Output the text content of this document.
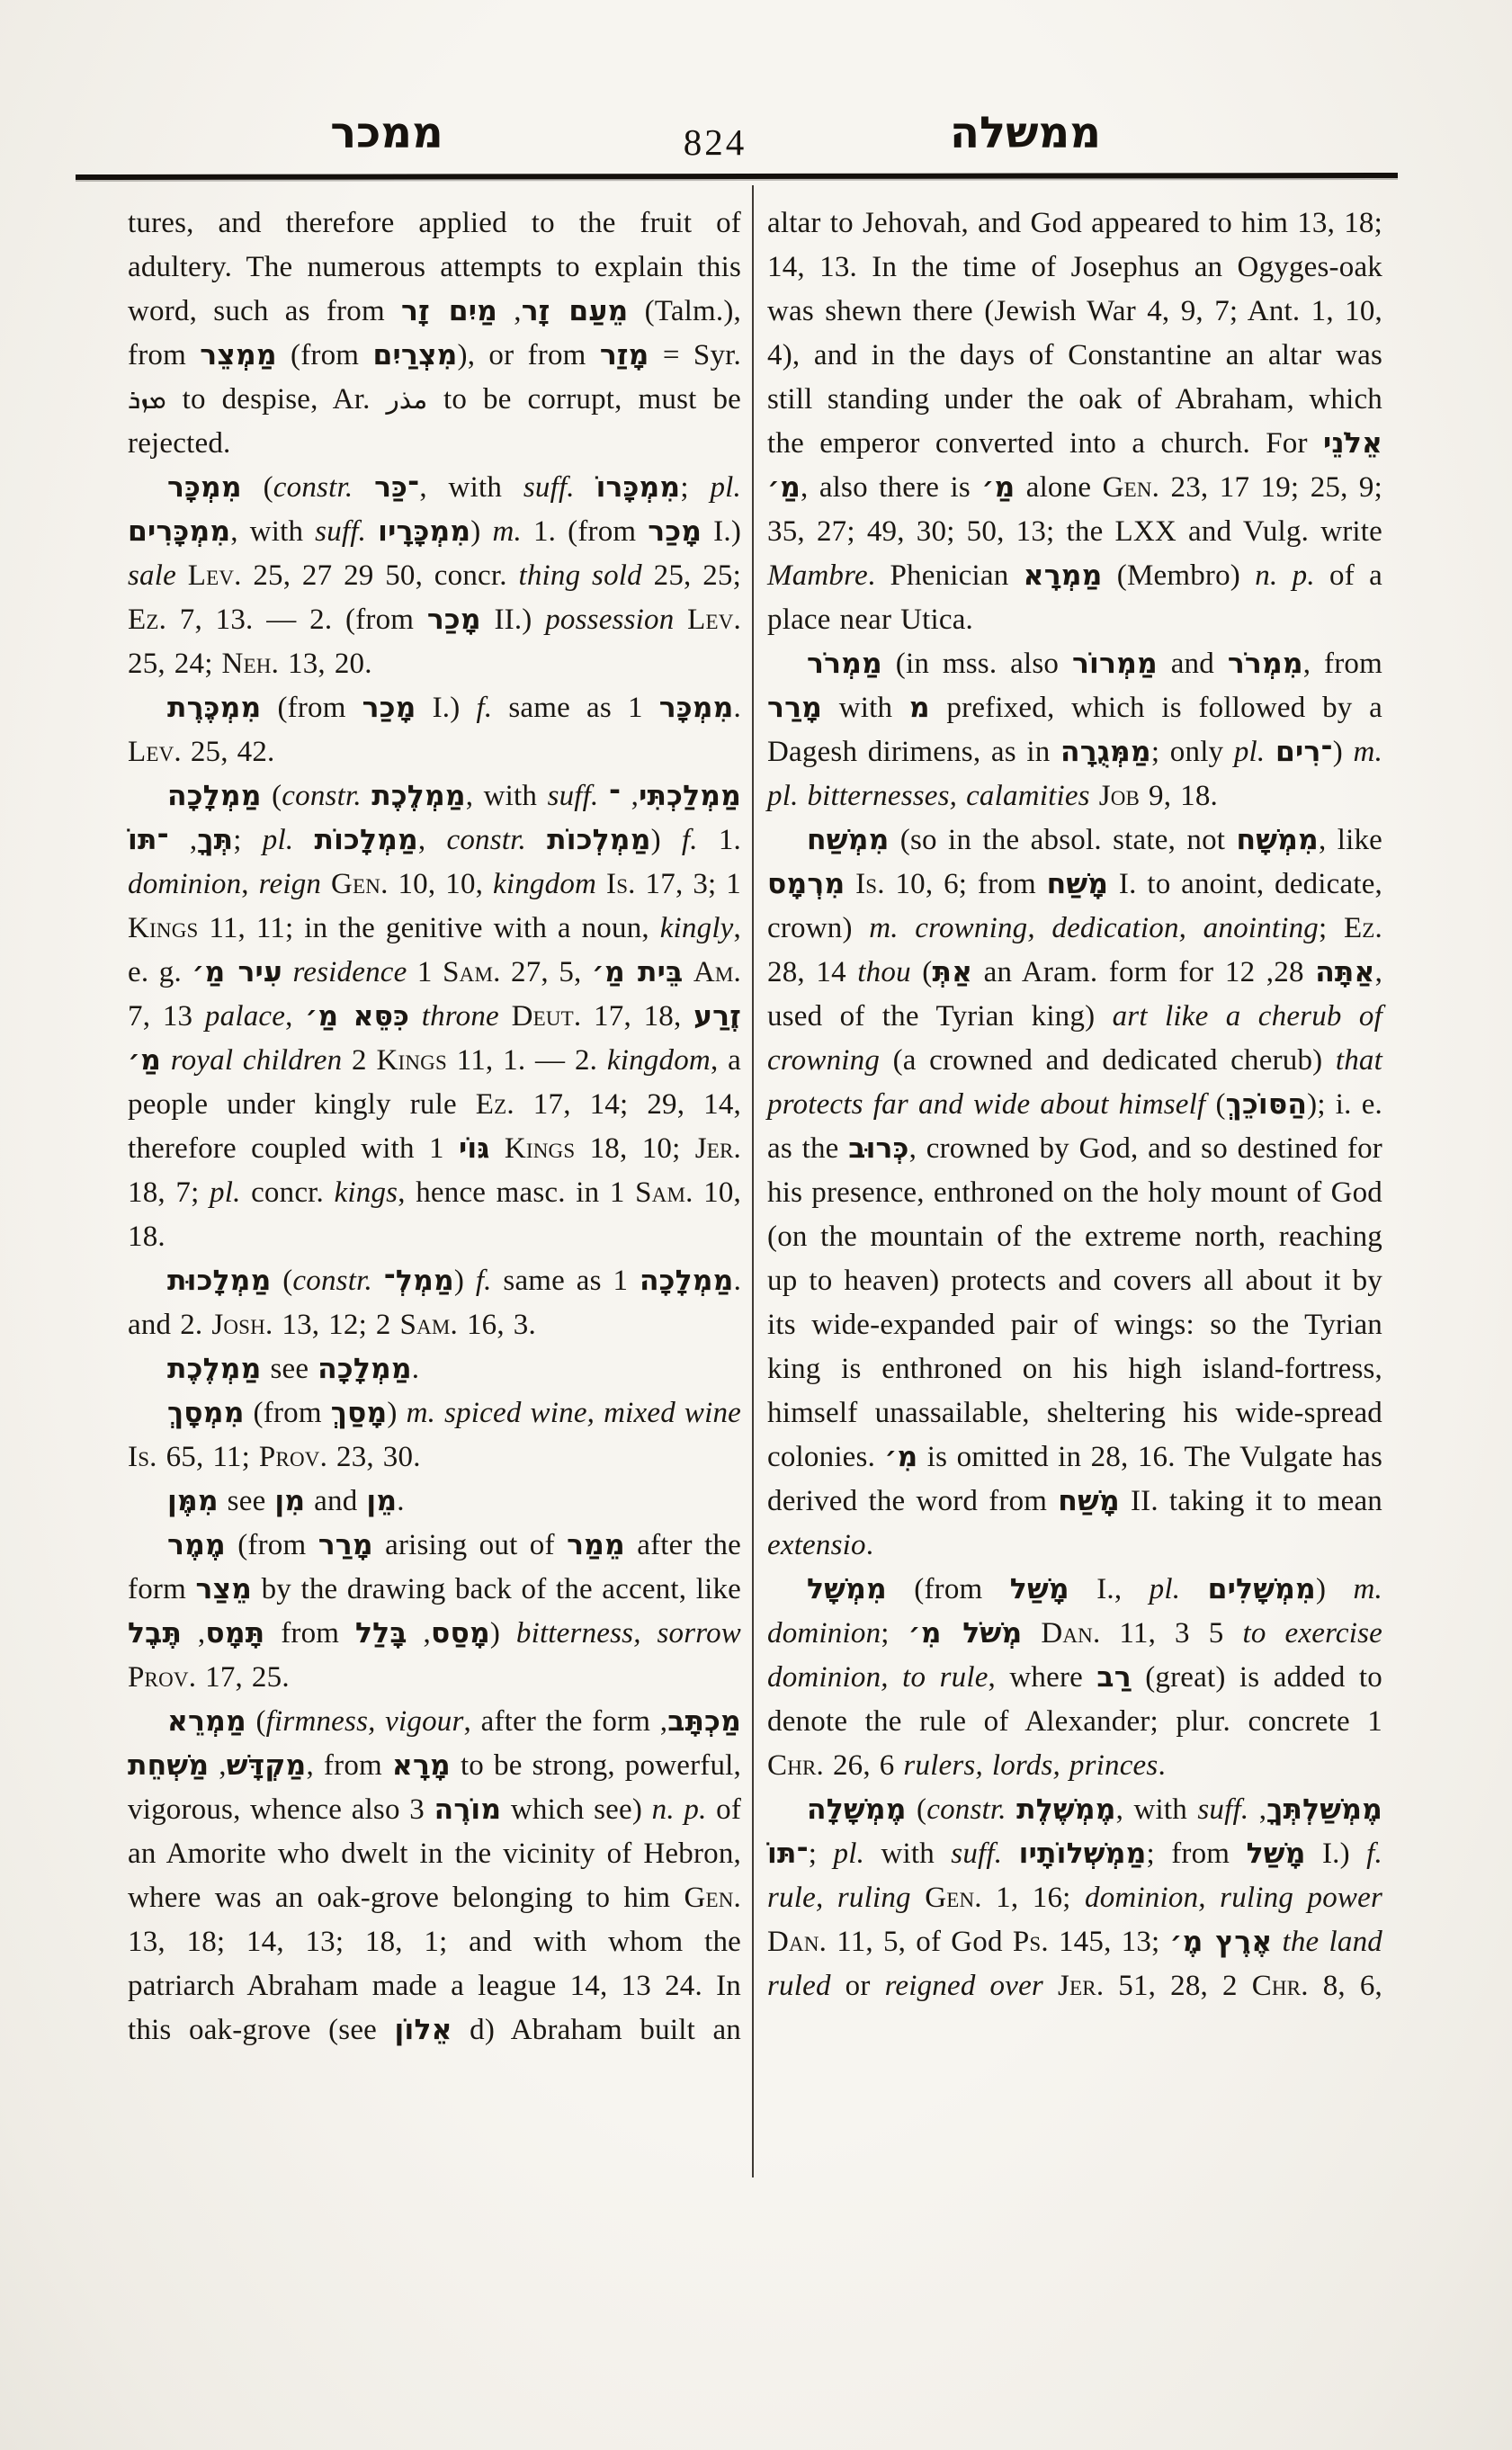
ממכר	824	ממשלה

tures, and therefore applied to the fruit of adultery. The numerous attempts to explain this word, such as from	מֵעַם זָר, מַיִם זָר	(Talm.), from מַמְצֵר (from מִצְרַיִם), or from מָזַר = Syr. ܡܙܪ to despise, Ar. مذر to be corrupt, must be rejected.

מִמְכָּר (constr. ־כַּר, with suff. מִמְכָּרוֹ; pl. מִמְכָּרִים, with suff. מִמְכָּרָיו) m. 1. (from מָכַר I.) sale Lev. 25, 27 29 50, concr. thing sold 25, 25; Ez. 7, 13. — 2. (from מָכַר II.) possession Lev. 25, 24; Neh. 13, 20.

מִמְכֶּרֶת (from מָכַר I.) f. same as מִמְכָּר 1. Lev. 25, 42.

מַמְלָכָה (constr. מַמְלֶכֶת, with suff. מַמְלַכְתִּי, ־תְּךָ, ־תּוֹ ; pl. מַמְלָכוֹת, constr. מַמְלְכוֹת) f. 1. dominion, reign Gen. 10, 10, kingdom Is. 17, 3; 1 Kings 11, 11; in the genitive with a noun, kingly, e. g. עִיר מַ׳ residence 1 Sam. 27, 5, בֵּית מַ׳ Am. 7, 13 palace, כִּסֵּא מַ׳ throne Deut. 17, 18, זֶרַע מַ׳ royal children 2 Kings 11, 1. — 2. kingdom, a people under kingly rule Ez. 17, 14; 29, 14, therefore coupled with גּוֹי 1 Kings 18, 10; Jer. 18, 7; pl. concr. kings, hence masc. in 1 Sam. 10, 18.

מַמְלָכוּת (constr. מַמְלְ־) f. same as מַמְלָכָה 1. and 2. Josh. 13, 12; 2 Sam. 16, 3.

מַמְלֶכֶת see מַמְלָכָה.

מִמְסָךְ (from מָסַךְ) m. spiced wine, mixed wine Is. 65, 11; Prov. 23, 30.

מִמֶּן see מִן and מֵן.

מֶמֶר (from מָרַר arising out of מֵמַר after the form מֵצַר by the drawing back of the accent, like תָּמָס, תֶּבֶל	from	מָסַס, בָּלַל	) bitterness, sorrow Prov. 17, 25.

מַמְרֵא (firmness, vigour, after the form מַכְתָּב, מַקְדָּשׁ, מַשְׁחֵת	, from מָרָא to be strong, powerful, vigorous, whence also מוֹרֶה 3 which see) n. p. of an Amorite who dwelt in the vicinity of Hebron, where was an oak-grove belonging to him Gen. 13, 18; 14, 13; 18, 1; and with whom the patriarch Abraham made a league 14, 13 24. In this oak-grove (see אֵלוֹן d) Abraham built an

altar to Jehovah, and God appeared to him 13, 18; 14, 13. In the time of Josephus an Ogyges-oak was shewn there (Jewish War 4, 9, 7; Ant. 1, 10, 4), and in the days of Constantine an altar was still standing under the oak of Abraham, which the emperor converted into a church. For אֵלֹנֵי מַ׳, also there is מַ׳ alone Gen. 23, 17 19; 25, 9; 35, 27; 49, 30; 50, 13; the LXX and Vulg. write Mambre. Phenician מַמְרָא (Membro) n. p. of a place near Utica.

מַמְרֹר (in mss. also מַמְרוֹר and מִמְרֹר, from מָרַר with מ prefixed, which is followed by a Dagesh dirimens, as in מַמְּגֻרָה; only pl. ־רִים) m. pl. bitternesses, calamities Job 9, 18.

מִמְשַׁח (so in the absol. state, not מִמְשָׁח, like מִרְמָס Is. 10, 6; from מָשַׁח I. to anoint, dedicate, crown) m. crowning, dedication, anointing; Ez. 28, 14 thou (אַתְּ an Aram. form for	אַתָּה 28, 12, used of the Tyrian king) art like a cherub of crowning (a crowned and dedicated cherub) that protects far and wide about himself (הַסּוֹכֵךְ); i. e. as the כְּרוּב, crowned by God, and so destined for his presence, enthroned on the holy mount of God (on the mountain of the extreme north, reaching up to heaven) protects and covers all about it by its wide-expanded pair of wings: so the Tyrian king is enthroned on his high island-fortress, himself unassailable, sheltering his wide-spread colonies. מִ׳ is omitted in 28, 16. The Vulgate has derived the word from מָשַׁח II. taking it to mean extensio.

מִמְשָׁל (from מָשַׁל I., pl. מִמְשָׁלִים) m. dominion; מְשֹׁל מִ׳ Dan. 11, 3 5 to exercise dominion, to rule, where רַב (great) is added to denote the rule of Alexander; plur. concrete 1 Chr. 26, 6 rulers, lords, princes.

מֶמְשָׁלָה (constr. מֶמְשֶׁלֶת, with suff. מֶמְשַׁלְתְּךָ, ־תּוֹ; pl. with suff. מַמְשְׁלוֹתָיו; from מָשַׁל I.) f. rule, ruling Gen. 1, 16; dominion, ruling power Dan. 11, 5, of God Ps. 145, 13; אֶרֶץ מֶ׳ the land ruled or reigned over Jer. 51, 28, 2 Chr. 8, 6,
